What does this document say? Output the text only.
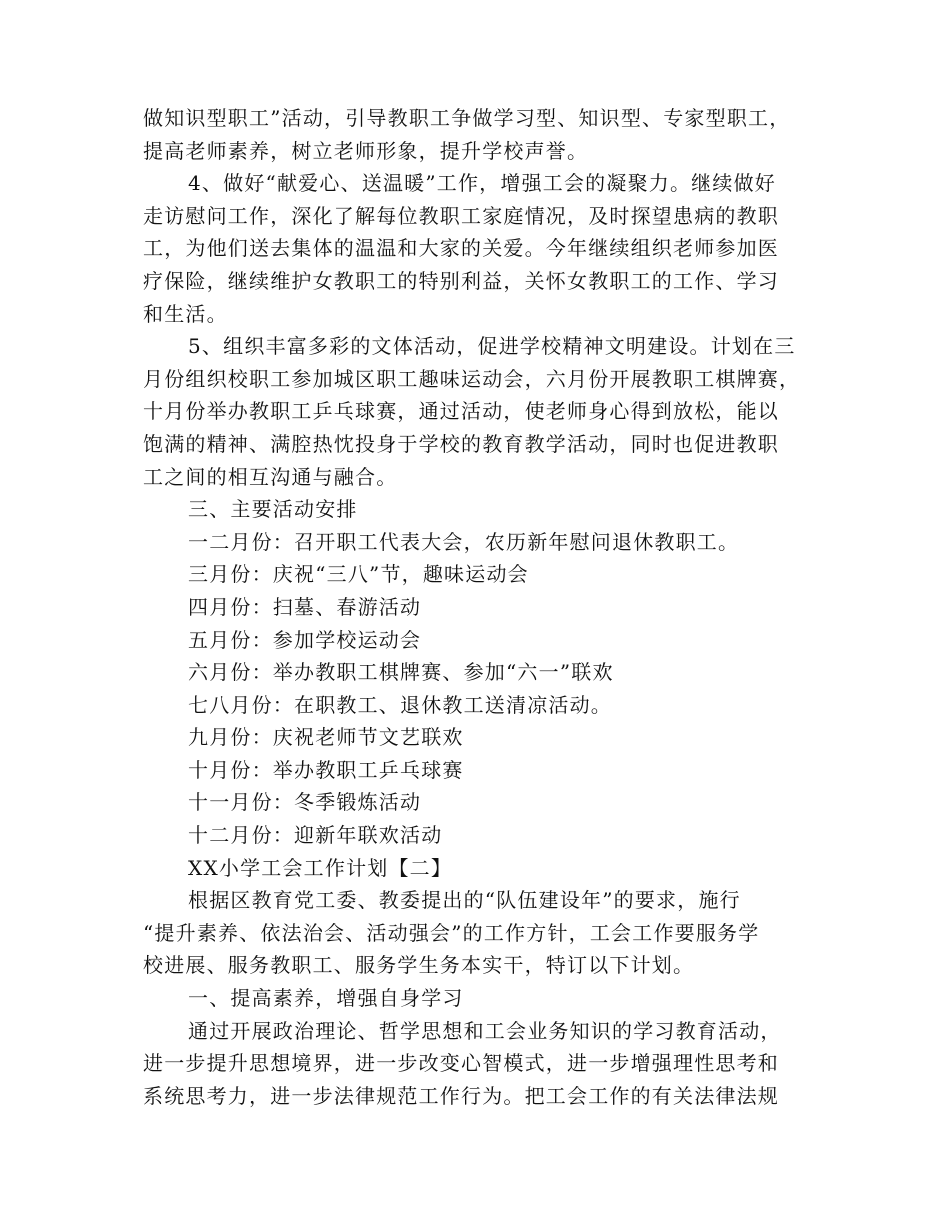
做知识型职工”活动，引导教职工争做学习型、知识型、专家型职工，
提高老师素养，树立老师形象，提升学校声誉。
4、做好“献爱心、送温暖”工作，增强工会的凝聚力。继续做好
走访慰问工作，深化了解每位教职工家庭情况，及时探望患病的教职
工，为他们送去集体的温温和大家的关爱。今年继续组织老师参加医
疗保险，继续维护女教职工的特别利益，关怀女教职工的工作、学习
和生活。
5、组织丰富多彩的文体活动，促进学校精神文明建设。计划在三
月份组织校职工参加城区职工趣味运动会，六月份开展教职工棋牌赛，
十月份举办教职工乒乓球赛，通过活动，使老师身心得到放松，能以
饱满的精神、满腔热忱投身于学校的教育教学活动，同时也促进教职
工之间的相互沟通与融合。
三、主要活动安排
一二月份：召开职工代表大会，农历新年慰问退休教职工。
三月份：庆祝“三八”节，趣味运动会
四月份：扫墓、春游活动
五月份：参加学校运动会
六月份：举办教职工棋牌赛、参加“六一”联欢
七八月份：在职教工、退休教工送清凉活动。
九月份：庆祝老师节文艺联欢
十月份：举办教职工乒乓球赛
十一月份：冬季锻炼活动
十二月份：迎新年联欢活动
XX小学工会工作计划【二】
根据区教育党工委、教委提出的“队伍建设年”的要求，施行
“提升素养、依法治会、活动强会”的工作方针，工会工作要服务学
校进展、服务教职工、服务学生务本实干，特订以下计划。
一、提高素养，增强自身学习
通过开展政治理论、哲学思想和工会业务知识的学习教育活动，
进一步提升思想境界，进一步改变心智模式，进一步增强理性思考和
系统思考力，进一步法律规范工作行为。把工会工作的有关法律法规
